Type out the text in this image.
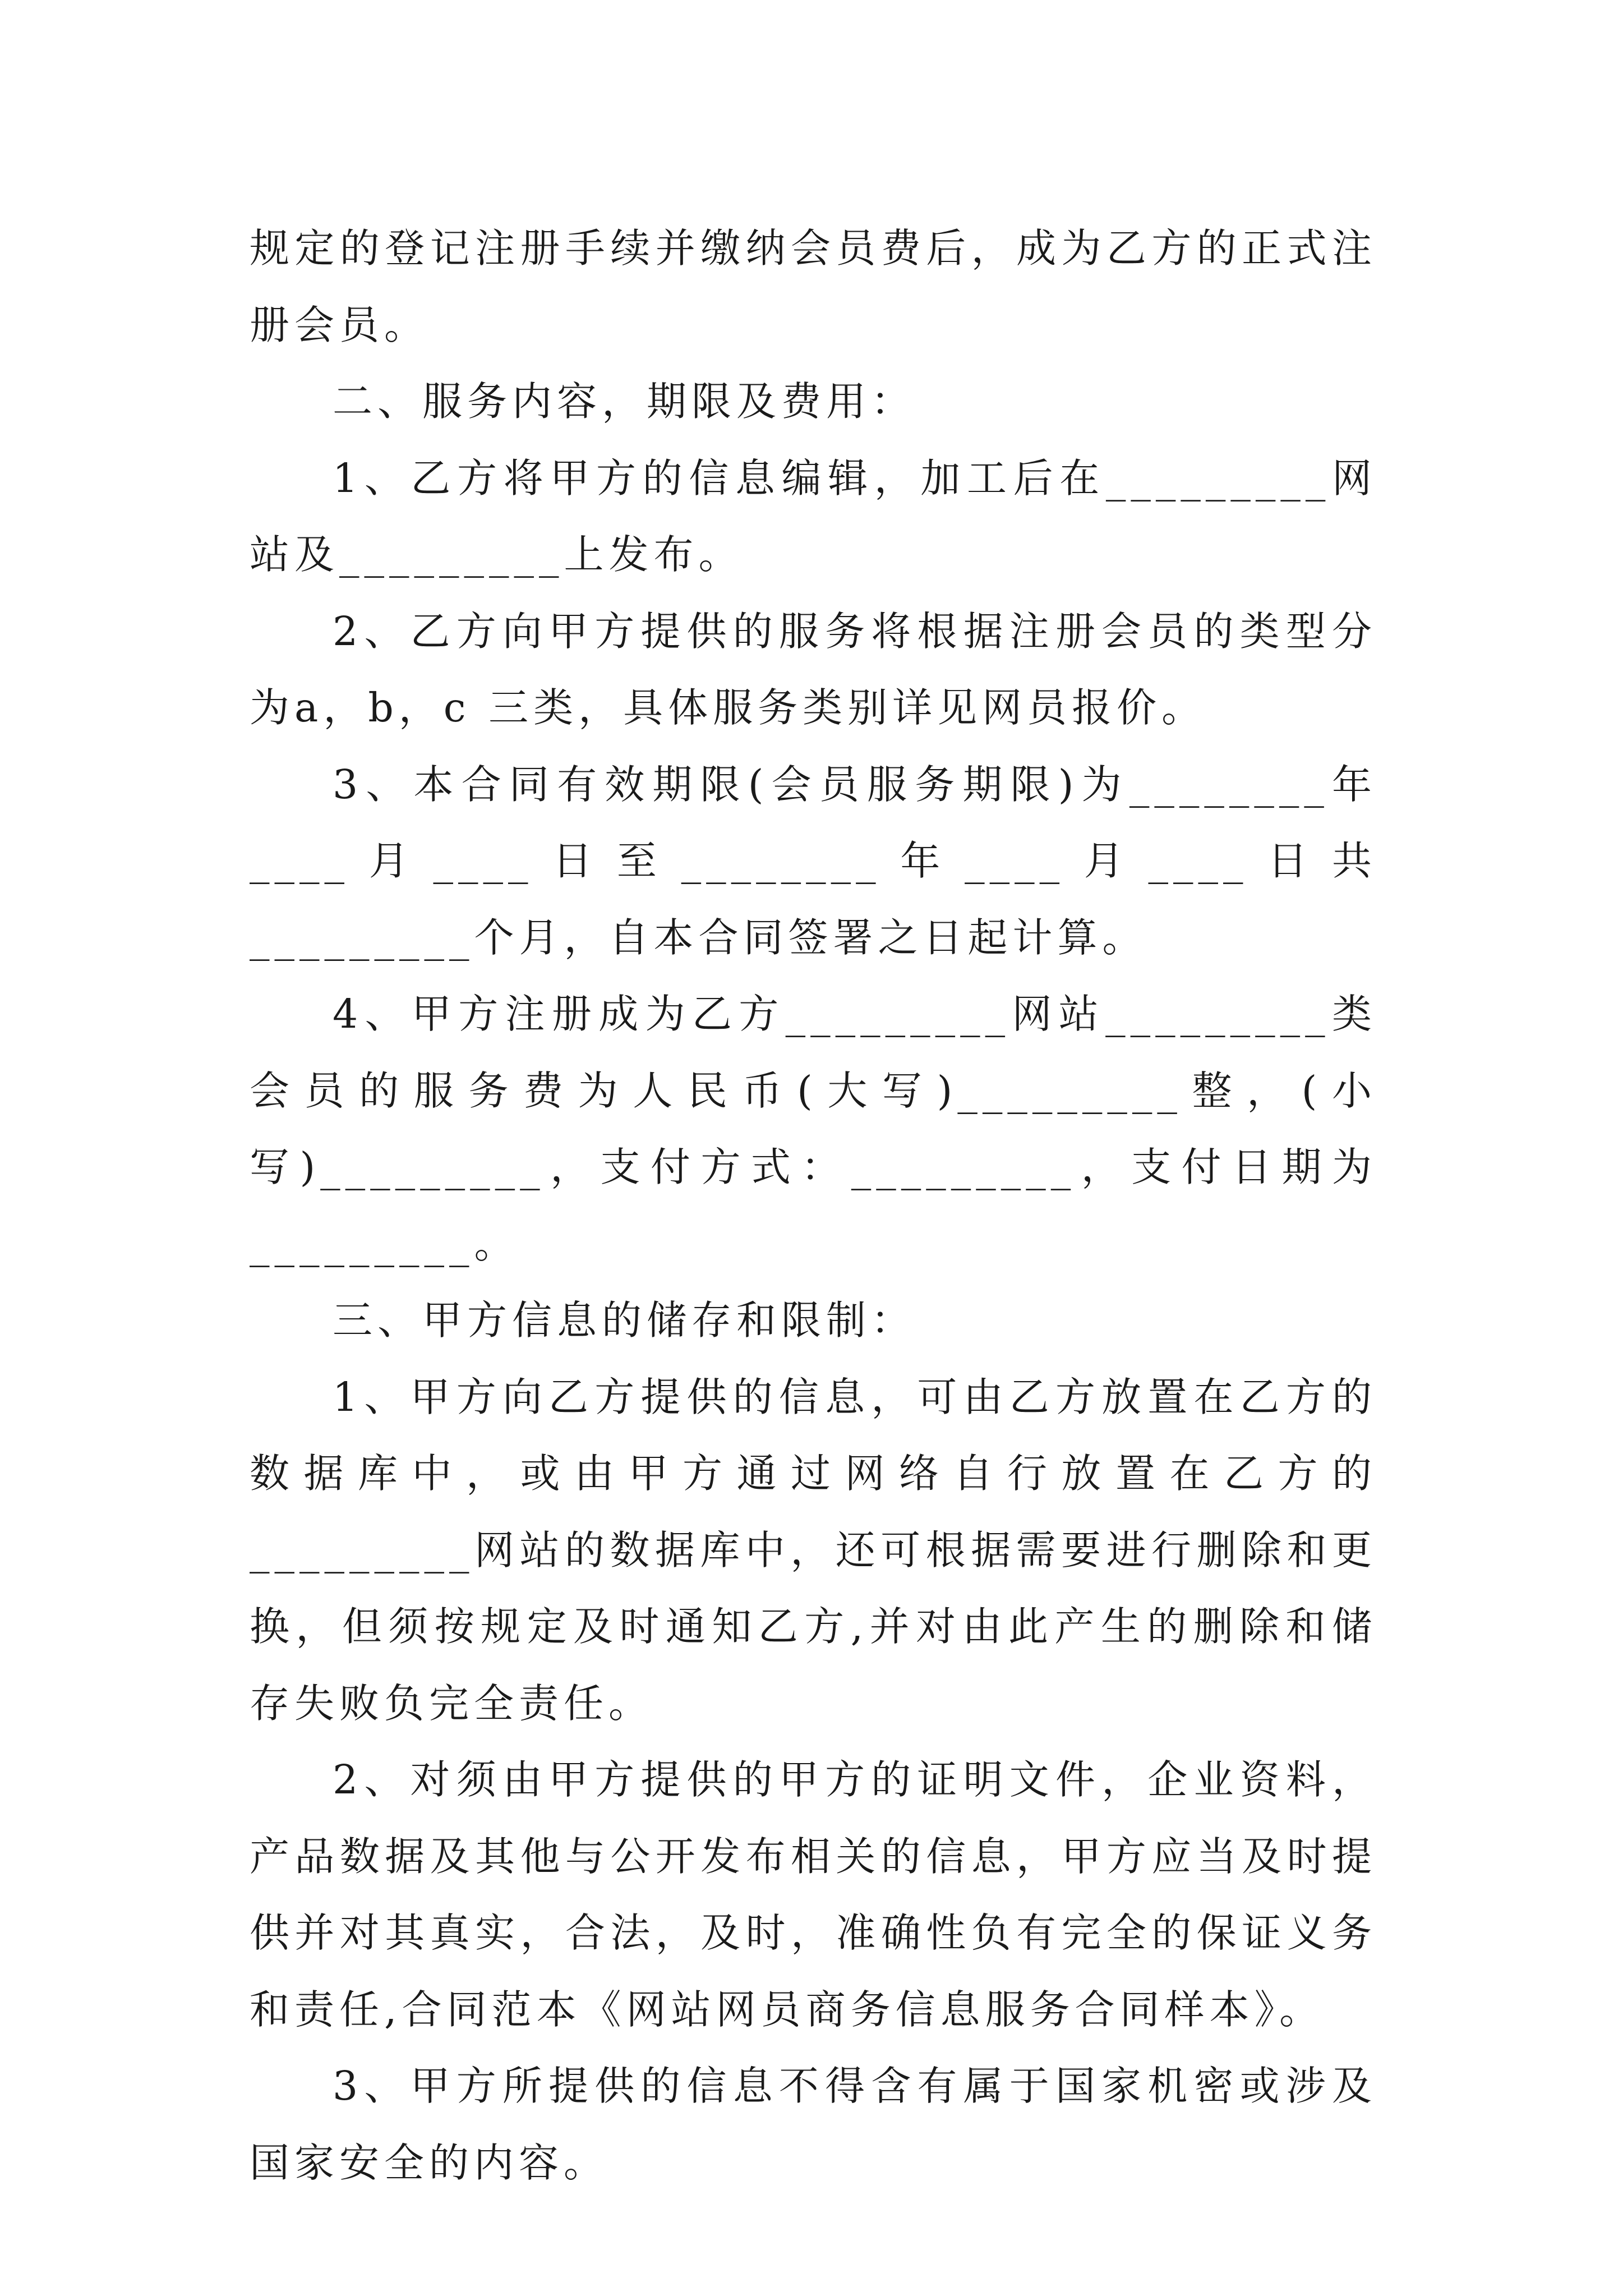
规定的登记注册手续并缴纳会员费后，成为乙方的正式注册会员。

二、服务内容，期限及费用：

1、乙方将甲方的信息编辑，加工后在_________网站及_________上发布。

2、乙方向甲方提供的服务将根据注册会员的类型分为a，b，c 三类，具体服务类别详见网员报价。

3、本合同有效期限(会员服务期限)为________年____月____日至________年____月____日共_________个月，自本合同签署之日起计算。

4、甲方注册成为乙方_________网站_________类会员的服务费为人民币(大写)_________整，(小写)_________，支付方式：_________，支付日期为_________。

三、甲方信息的储存和限制：

1、甲方向乙方提供的信息，可由乙方放置在乙方的数据库中，或由甲方通过网络自行放置在乙方的_________网站的数据库中，还可根据需要进行删除和更换，但须按规定及时通知乙方,并对由此产生的删除和储存失败负完全责任。

2、对须由甲方提供的甲方的证明文件，企业资料，产品数据及其他与公开发布相关的信息，甲方应当及时提供并对其真实，合法，及时，准确性负有完全的保证义务和责任,合同范本《网站网员商务信息服务合同样本》。

3、甲方所提供的信息不得含有属于国家机密或涉及国家安全的内容。
